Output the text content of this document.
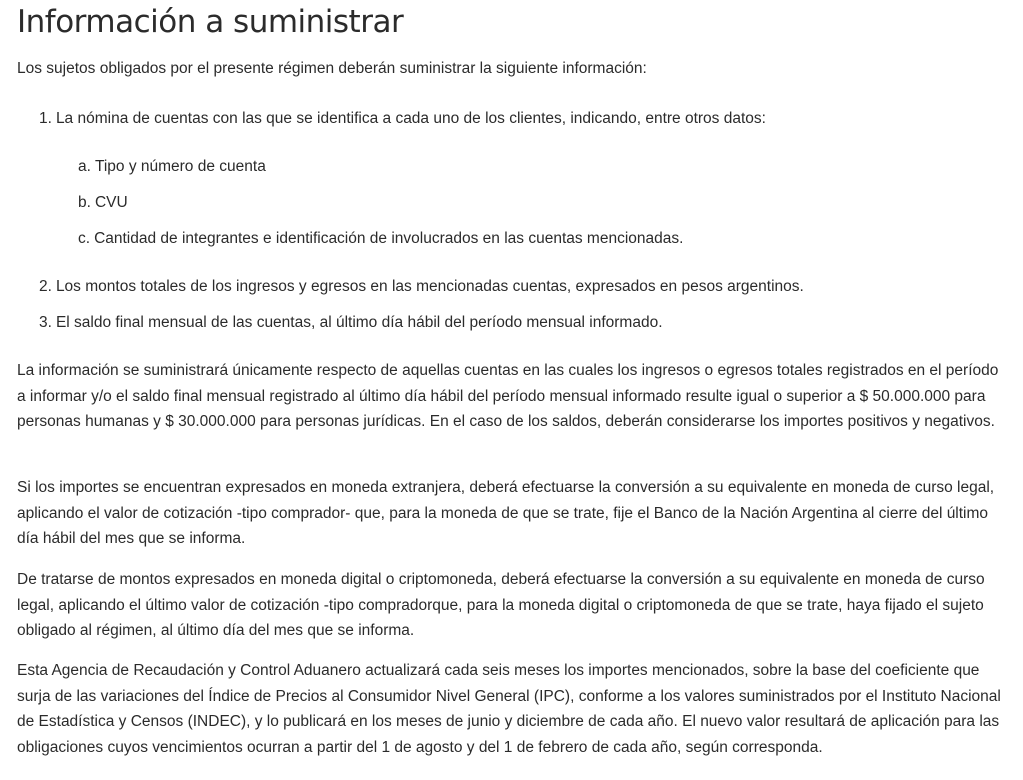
Información a suministrar

Los sujetos obligados por el presente régimen deberán suministrar la siguiente información:

1. La nómina de cuentas con las que se identifica a cada uno de los clientes, indicando, entre otros datos:

a. Tipo y número de cuenta

b. CVU

c. Cantidad de integrantes e identificación de involucrados en las cuentas mencionadas.

2. Los montos totales de los ingresos y egresos en las mencionadas cuentas, expresados en pesos argentinos.

3. El saldo final mensual de las cuentas, al último día hábil del período mensual informado.

La información se suministrará únicamente respecto de aquellas cuentas en las cuales los ingresos o egresos totales registrados en el período a informar y/o el saldo final mensual registrado al último día hábil del período mensual informado resulte igual o superior a $ 50.000.000 para personas humanas y $ 30.000.000 para personas jurídicas. En el caso de los saldos, deberán considerarse los importes positivos y negativos.

Si los importes se encuentran expresados en moneda extranjera, deberá efectuarse la conversión a su equivalente en moneda de curso legal, aplicando el valor de cotización -tipo comprador- que, para la moneda de que se trate, fije el Banco de la Nación Argentina al cierre del último día hábil del mes que se informa.

De tratarse de montos expresados en moneda digital o criptomoneda, deberá efectuarse la conversión a su equivalente en moneda de curso legal, aplicando el último valor de cotización -tipo compradorque, para la moneda digital o criptomoneda de que se trate, haya fijado el sujeto obligado al régimen, al último día del mes que se informa.

Esta Agencia de Recaudación y Control Aduanero actualizará cada seis meses los importes mencionados, sobre la base del coeficiente que surja de las variaciones del Índice de Precios al Consumidor Nivel General (IPC), conforme a los valores suministrados por el Instituto Nacional de Estadística y Censos (INDEC), y lo publicará en los meses de junio y diciembre de cada año. El nuevo valor resultará de aplicación para las obligaciones cuyos vencimientos ocurran a partir del 1 de agosto y del 1 de febrero de cada año, según corresponda.
